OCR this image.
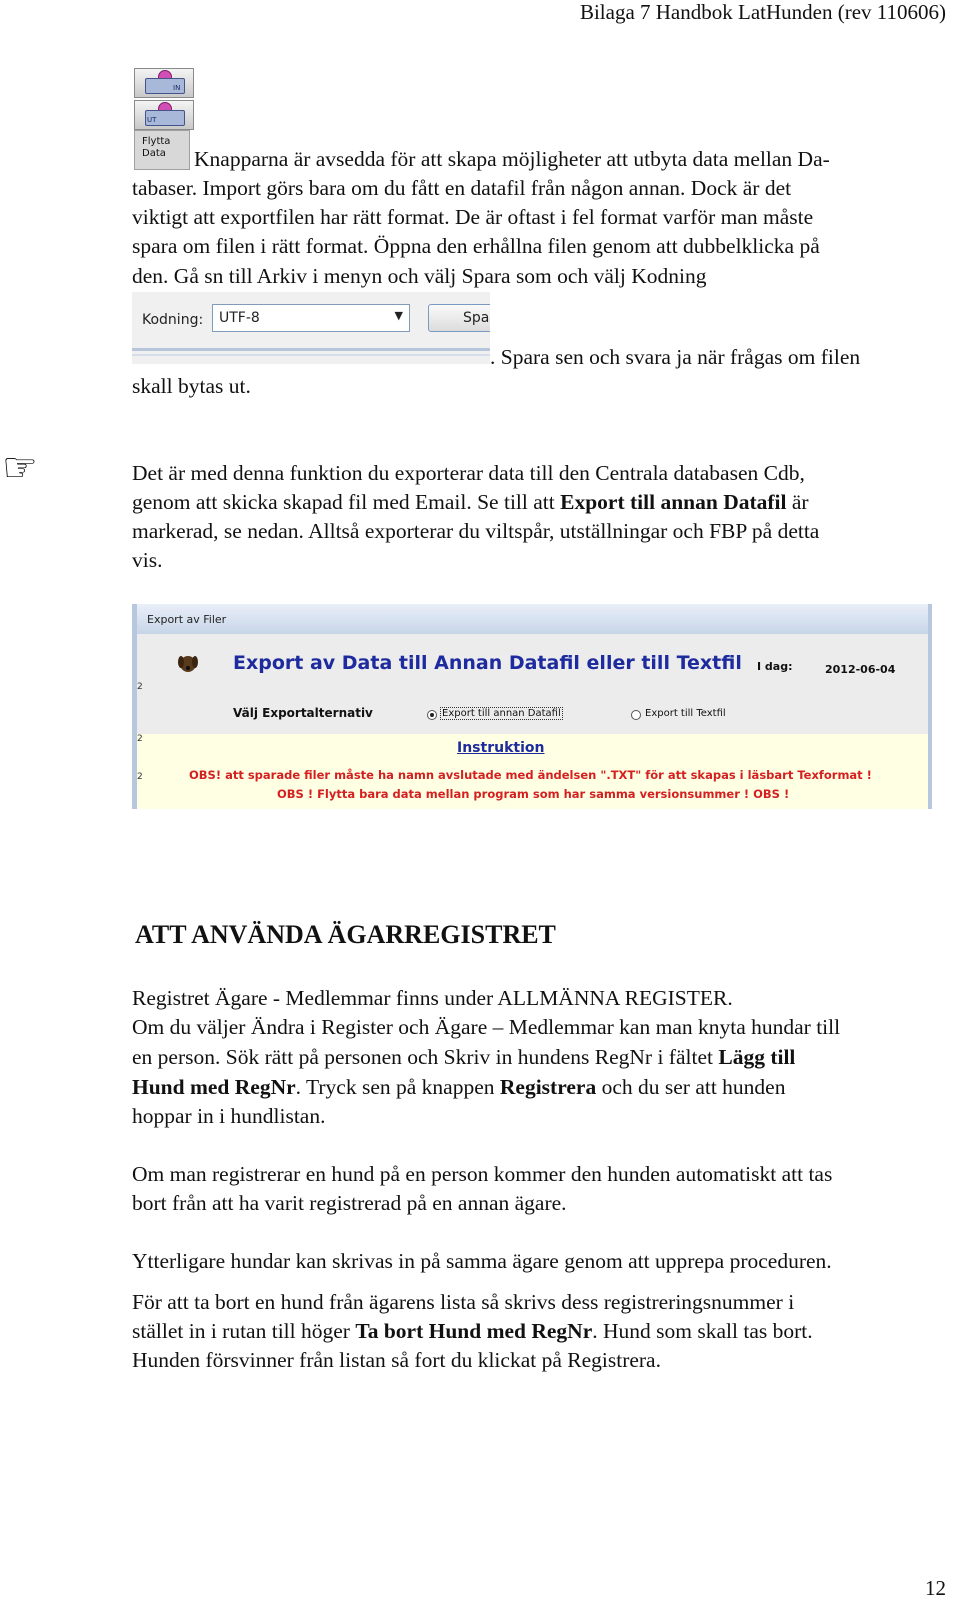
Bilaga 7 Handbok LatHunden (rev 110606)
IN
UT
Flytta
Data	Knapparna är avsedda för att skapa möjligheter att utbyta data mellan Da-
tabaser. Import görs bara om du fått en datafil från någon annan. Dock är det
viktigt att exportfilen har rätt format. De är oftast i fel format varför man måste
spara om filen i rätt format. Öppna den erhållna filen genom att dubbelklicka på
den. Gå sn till Arkiv i menyn och välj Spara som och välj Kodning
Kodning:	UTF-8	▼	Spa
. Spara sen och svara ja när frågas om filen
skall bytas ut.
☞	Det är med denna funktion du exporterar data till den Centrala databasen Cdb,
genom att skicka skapad fil med Email. Se till att Export till annan Datafil är
markerad, se nedan. Alltså exporterar du viltspår, utställningar och FBP på detta
vis.
Export av Filer
Export av Data till Annan Datafil eller till Textfil I dag:	2012-06-04
Välj Exportalternativ	Export till annan Datafil	Export till Textfil
Instruktion
OBS! att sparade filer måste ha namn avslutade med ändelsen ".TXT" för att skapas i läsbart Texformat !
OBS ! Flytta bara data mellan program som har samma versionsummer ! OBS !
2
2
2
ATT ANVÄNDA ÄGARREGISTRET
Registret Ägare - Medlemmar finns under ALLMÄNNA REGISTER.
Om du väljer Ändra i Register och Ägare – Medlemmar kan man knyta hundar till
en person. Sök rätt på personen och Skriv in hundens RegNr i fältet Lägg till
Hund med RegNr. Tryck sen på knappen Registrera och du ser att hunden
hoppar in i hundlistan.
Om man registrerar en hund på en person kommer den hunden automatiskt att tas
bort från att ha varit registrerad på en annan ägare.
Ytterligare hundar kan skrivas in på samma ägare genom att upprepa proceduren.
För att ta bort en hund från ägarens lista så skrivs dess registreringsnummer i
stället in i rutan till höger Ta bort Hund med RegNr. Hund som skall tas bort.
Hunden försvinner från listan så fort du klickat på Registrera.
12
